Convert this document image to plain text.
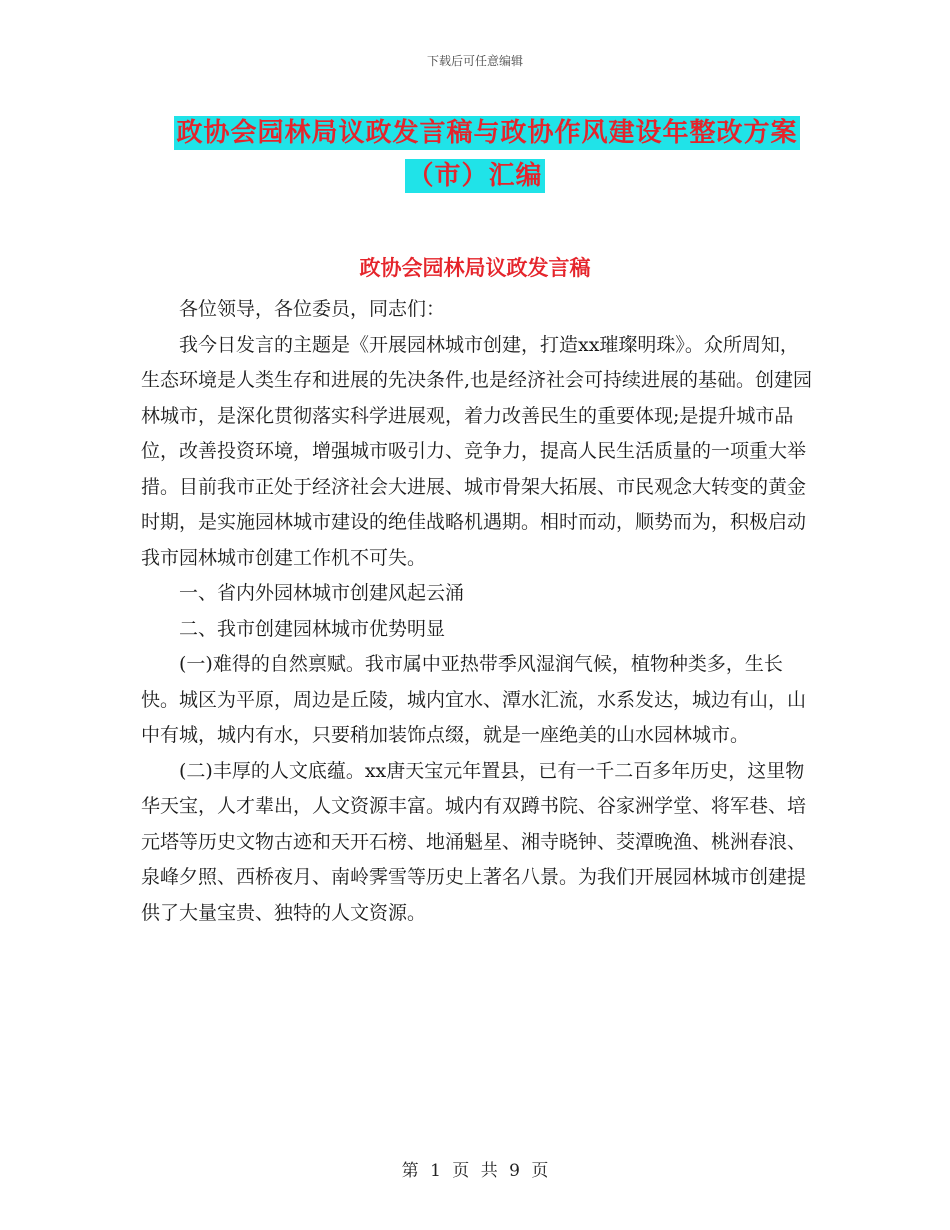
下载后可任意编辑
政协会园林局议政发言稿与政协作风建设年整改方案
（市）汇编
政协会园林局议政发言稿

各位领导，各位委员，同志们：

我今日发言的主题是《开展园林城市创建，打造xx璀璨明珠》。众所周知，生态环境是人类生存和进展的先决条件,也是经济社会可持续进展的基础。创建园林城市，是深化贯彻落实科学进展观，着力改善民生的重要体现;是提升城市品位，改善投资环境，增强城市吸引力、竞争力，提高人民生活质量的一项重大举措。目前我市正处于经济社会大进展、城市骨架大拓展、市民观念大转变的黄金时期，是实施园林城市建设的绝佳战略机遇期。相时而动，顺势而为，积极启动我市园林城市创建工作机不可失。

一、省内外园林城市创建风起云涌

二、我市创建园林城市优势明显

(一)难得的自然禀赋。我市属中亚热带季风湿润气候，植物种类多，生长快。城区为平原，周边是丘陵，城内宜水、潭水汇流，水系发达，城边有山，山中有城，城内有水，只要稍加装饰点缀，就是一座绝美的山水园林城市。

(二)丰厚的人文底蕴。xx唐天宝元年置县，已有一千二百多年历史，这里物华天宝，人才辈出，人文资源丰富。城内有双蹲书院、谷家洲学堂、将军巷、培元塔等历史文物古迹和天开石榜、地涌魁星、湘寺晓钟、茭潭晚渔、桃洲春浪、泉峰夕照、西桥夜月、南岭霁雪等历史上著名八景。为我们开展园林城市创建提供了大量宝贵、独特的人文资源。

第 1 页 共 9 页
